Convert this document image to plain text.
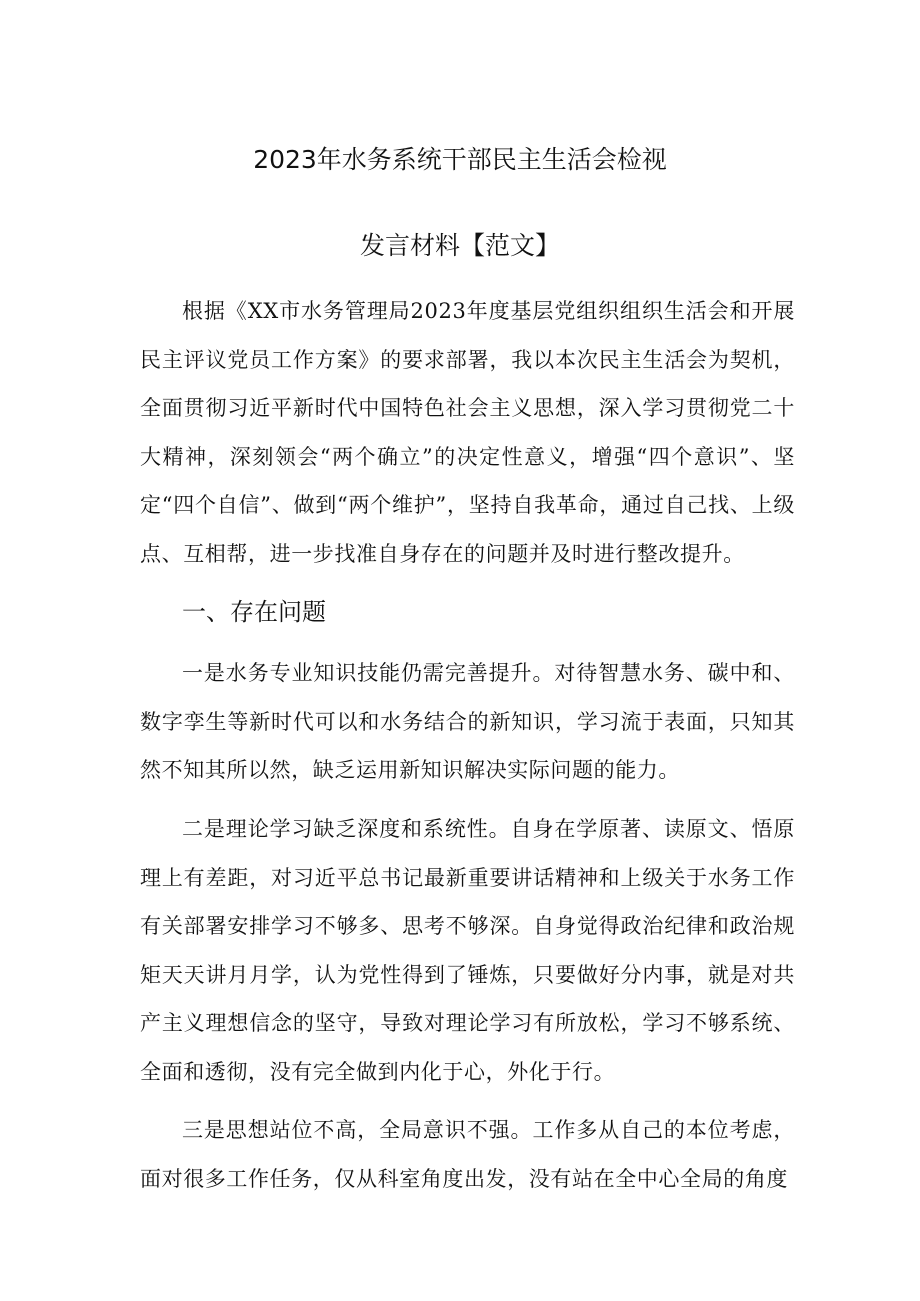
2023年水务系统干部民主生活会检视
发言材料【范文】
根据《XX市水务管理局2023年度基层党组织组织生活会和开展民主评议党员工作方案》的要求部署，我以本次民主生活会为契机，全面贯彻习近平新时代中国特色社会主义思想，深入学习贯彻党二十大精神，深刻领会“两个确立”的决定性意义，增强“四个意识”、坚定“四个自信”、做到“两个维护”，坚持自我革命，通过自己找、上级点、互相帮，进一步找准自身存在的问题并及时进行整改提升。
一、存在问题
一是水务专业知识技能仍需完善提升。对待智慧水务、碳中和、数字孪生等新时代可以和水务结合的新知识，学习流于表面，只知其然不知其所以然，缺乏运用新知识解决实际问题的能力。
二是理论学习缺乏深度和系统性。自身在学原著、读原文、悟原理上有差距，对习近平总书记最新重要讲话精神和上级关于水务工作有关部署安排学习不够多、思考不够深。自身觉得政治纪律和政治规矩天天讲月月学，认为党性得到了锤炼，只要做好分内事，就是对共产主义理想信念的坚守，导致对理论学习有所放松，学习不够系统、全面和透彻，没有完全做到内化于心，外化于行。
三是思想站位不高，全局意识不强。工作多从自己的本位考虑，面对很多工作任务，仅从科室角度出发，没有站在全中心全局的角度
